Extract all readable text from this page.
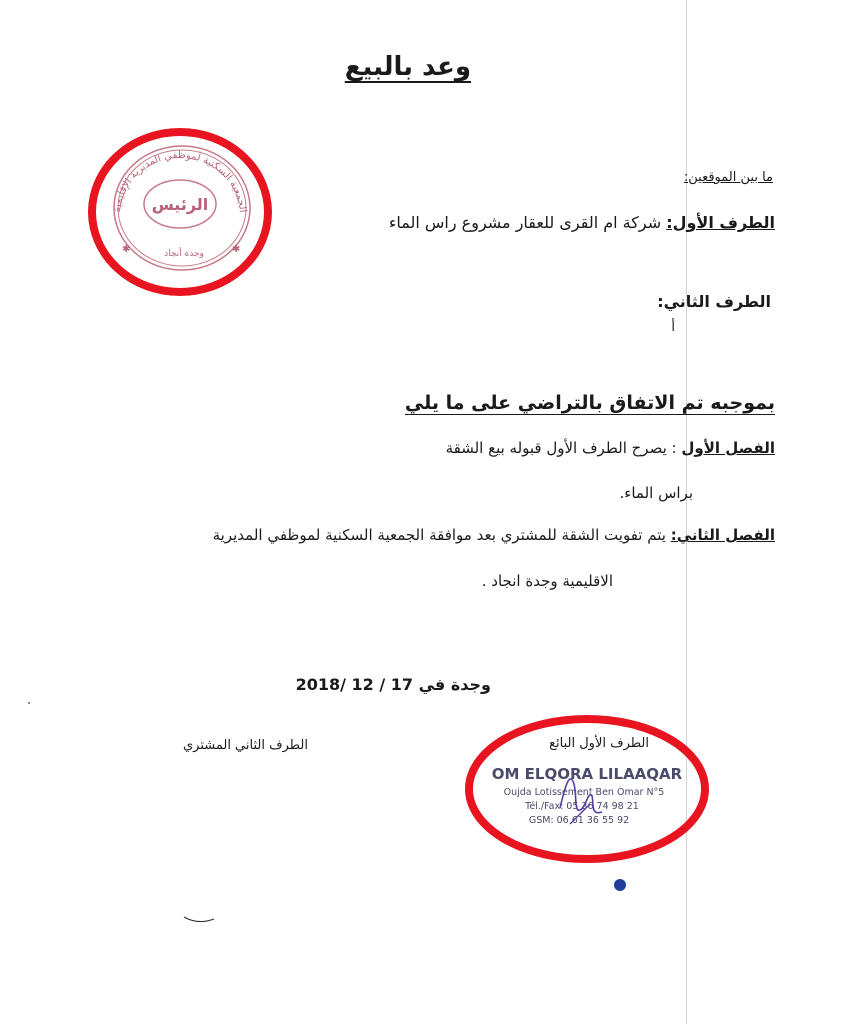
وعد بالبيع
ما بين الموقعين:
الطرف الأول: شركة ام القرى للعقار مشروع راس الماء
الطرف الثاني:
أ
بموجبه تم الاتفاق بالتراضي على ما يلي
الفصل الأول : يصرح الطرف الأول قبوله بيع الشقة
براس الماء.
الفصل الثاني: يتم تفويت الشقة للمشتري بعد موافقة الجمعية السكنية لموظفي المديرية
الاقليمية وجدة انجاد .
وجدة في 17 / 12 /2018
الطرف الأول البائع
الطرف الثاني المشتري
الجمعية السكنية لموظفي المديرية الإقليمية
الرئيس
وجدة أنجاد
✱	✱
OM ELQORA LILAAQAR
Oujda Lotissement Ben Omar N°5
Tél./Fax: 05 36 74 98 21
GSM: 06 61 36 55 92
